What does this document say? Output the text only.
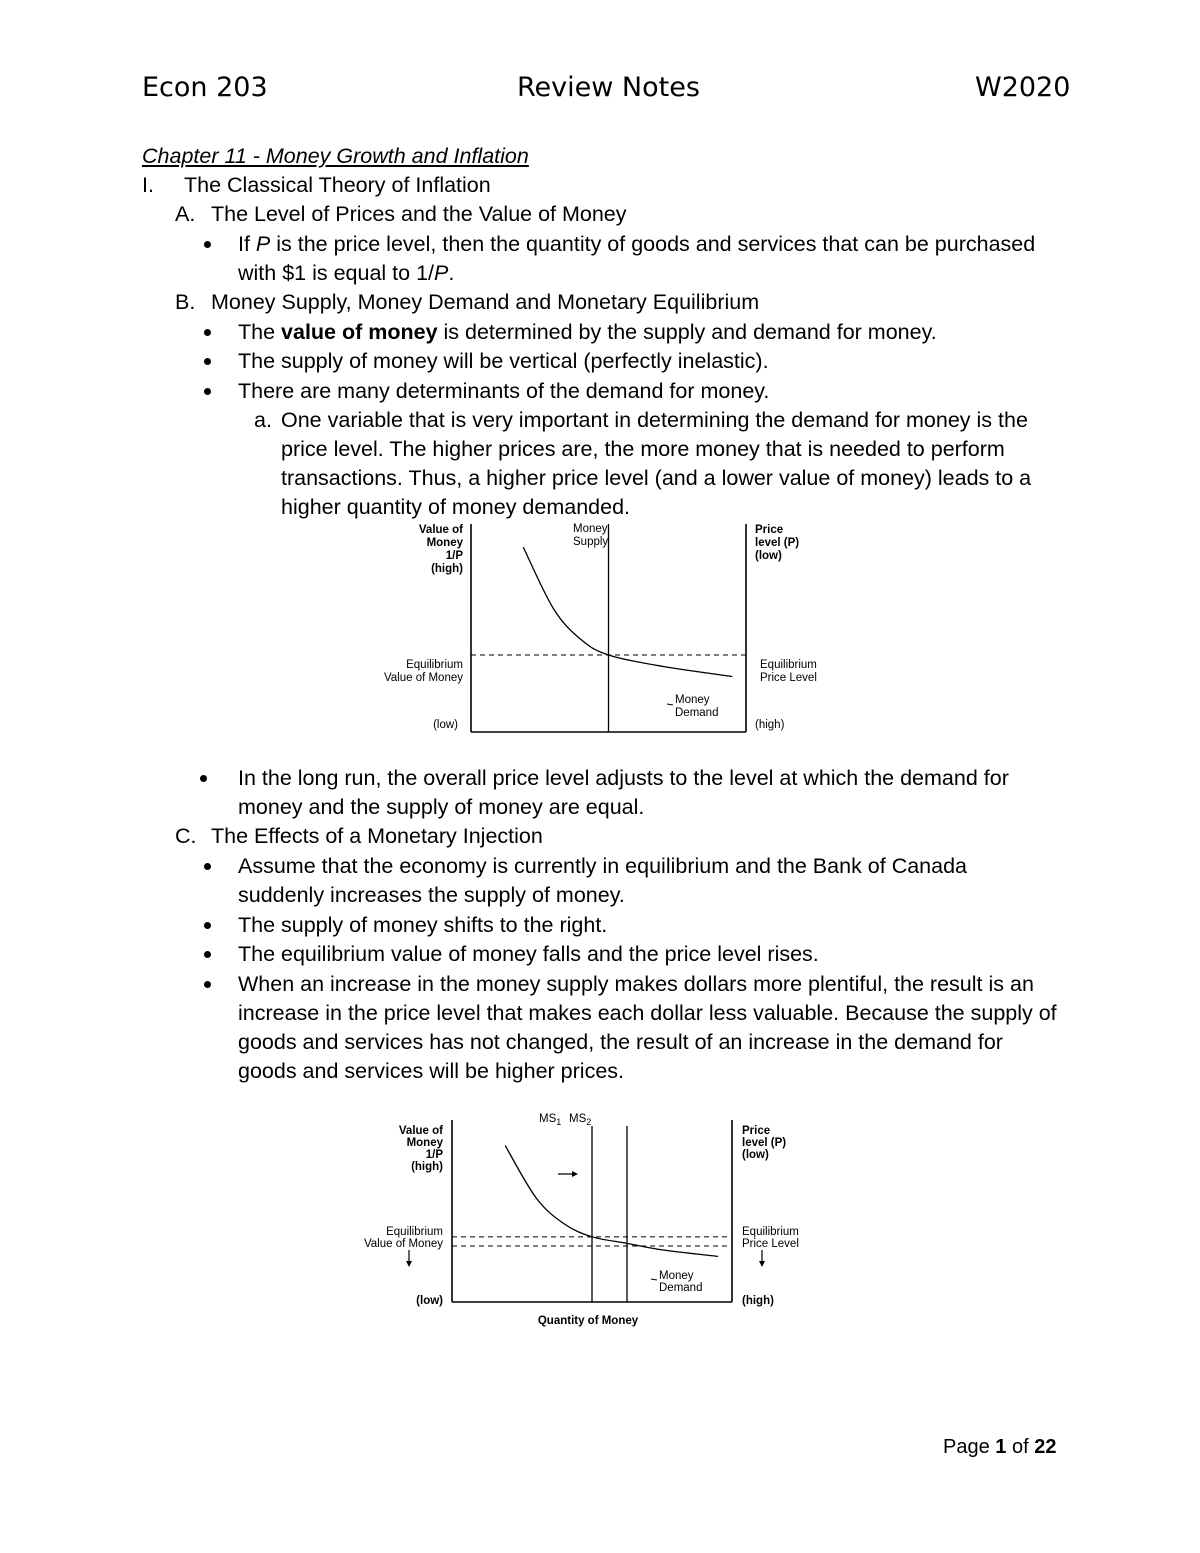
Econ 203	Review Notes	W2020
Chapter 11 - Money Growth and Inflation
I. The Classical Theory of Inflation
A. The Level of Prices and the Value of Money
If P is the price level, then the quantity of goods and services that can be purchased
with $1 is equal to 1/P.
B. Money Supply, Money Demand and Monetary Equilibrium
The value of money is determined by the supply and demand for money.
The supply of money will be vertical (perfectly inelastic).
There are many determinants of the demand for money.
a. One variable that is very important in determining the demand for money is the
price level. The higher prices are, the more money that is needed to perform
transactions. Thus, a higher price level (and a lower value of money) leads to a
higher quantity of money demanded.
Value of
Money
1/P
(high)
Equilibrium
Value of Money
(low)
Price
level (P)
(low)
Equilibrium
Price Level
(high)
Money
Supply
Money
Demand
In the long run, the overall price level adjusts to the level at which the demand for
money and the supply of money are equal.
C. The Effects of a Monetary Injection
Assume that the economy is currently in equilibrium and the Bank of Canada
suddenly increases the supply of money.
The supply of money shifts to the right.
The equilibrium value of money falls and the price level rises.
When an increase in the money supply makes dollars more plentiful, the result is an
increase in the price level that makes each dollar less valuable. Because the supply of
goods and services has not changed, the result of an increase in the demand for
goods and services will be higher prices.
Value of
Money
1/P
(high)
Equilibrium
Value of Money
(low)
Price
level (P)
(low)
Equilibrium
Price Level
(high)
Quantity of Money
Money
Demand
$MS_1$ $MS_2$
Page 1 of 22
